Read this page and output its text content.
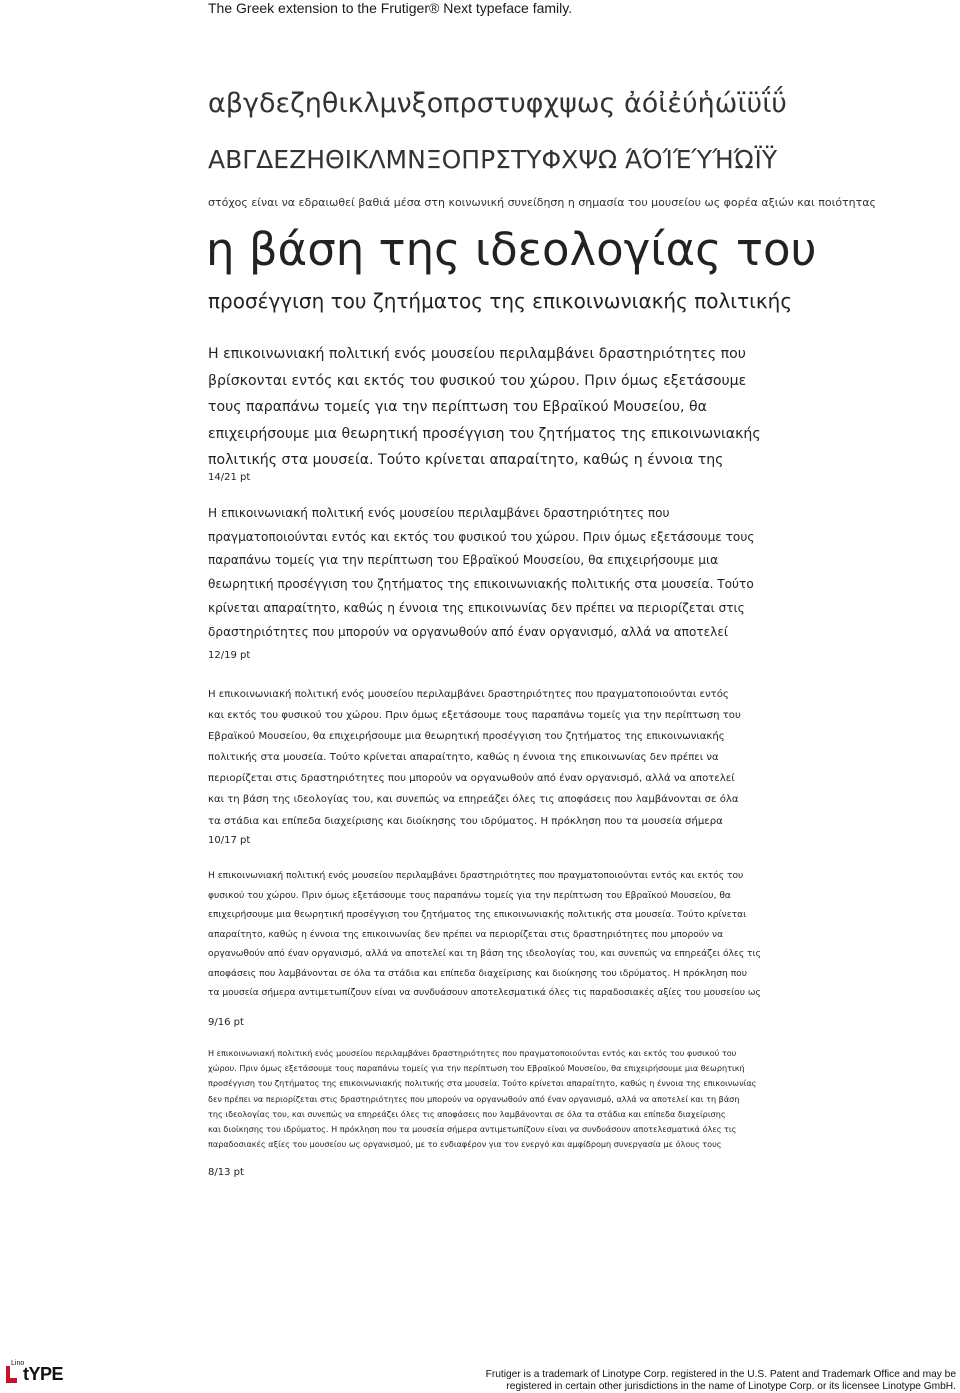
The Greek extension to the Frutiger® Next typeface family.
αβγδεζηθικλμνξοπρστυφχψως ἀόἰἐύἡώϊϋΐΰ
ΑΒΓΔΕΖΗΘΙΚΛΜΝΞΟΠΡΣΤΥΦΧΨΩ ΆΌΊΈΎΉΏΪΫ
στόχος είναι να εδραιωθεί βαθιά μέσα στη κοινωνική συνείδηση η σημασία του μουσείου ως φορέα αξιών και ποιότητας
η βάση της ιδεολογίας του
προσέγγιση του ζητήματος της επικοινωνιακής πολιτικής
Η επικοινωνιακή πολιτική ενός μουσείου περιλαμβάνει δραστηριότητες που
βρίσκονται εντός και εκτός του φυσικού του χώρου. Πριν όμως εξετάσουμε
τους παραπάνω τομείς για την περίπτωση του Εβραϊκού Μουσείου, θα
επιχειρήσουμε μια θεωρητική προσέγγιση του ζητήματος της επικοινωνιακής
πολιτικής στα μουσεία. Τούτο κρίνεται απαραίτητο, καθώς η έννοια της
14/21 pt
Η επικοινωνιακή πολιτική ενός μουσείου περιλαμβάνει δραστηριότητες που
πραγματοποιούνται εντός και εκτός του φυσικού του χώρου. Πριν όμως εξετάσουμε τους
παραπάνω τομείς για την περίπτωση του Εβραϊκού Μουσείου, θα επιχειρήσουμε μια
θεωρητική προσέγγιση του ζητήματος της επικοινωνιακής πολιτικής στα μουσεία. Τούτο
κρίνεται απαραίτητο, καθώς η έννοια της επικοινωνίας δεν πρέπει να περιορίζεται στις
δραστηριότητες που μπορούν να οργανωθούν από έναν οργανισμό, αλλά να αποτελεί
12/19 pt
Η επικοινωνιακή πολιτική ενός μουσείου περιλαμβάνει δραστηριότητες που πραγματοποιούνται εντός
και εκτός του φυσικού του χώρου. Πριν όμως εξετάσουμε τους παραπάνω τομείς για την περίπτωση του
Εβραϊκού Μουσείου, θα επιχειρήσουμε μια θεωρητική προσέγγιση του ζητήματος της επικοινωνιακής
πολιτικής στα μουσεία. Τούτο κρίνεται απαραίτητο, καθώς η έννοια της επικοινωνίας δεν πρέπει να
περιορίζεται στις δραστηριότητες που μπορούν να οργανωθούν από έναν οργανισμό, αλλά να αποτελεί
και τη βάση της ιδεολογίας του, και συνεπώς να επηρεάζει όλες τις αποφάσεις που λαμβάνονται σε όλα
τα στάδια και επίπεδα διαχείρισης και διοίκησης του ιδρύματος. Η πρόκληση που τα μουσεία σήμερα
10/17 pt
Η επικοινωνιακή πολιτική ενός μουσείου περιλαμβάνει δραστηριότητες που πραγματοποιούνται εντός και εκτός του
φυσικού του χώρου. Πριν όμως εξετάσουμε τους παραπάνω τομείς για την περίπτωση του Εβραϊκού Μουσείου, θα
επιχειρήσουμε μια θεωρητική προσέγγιση του ζητήματος της επικοινωνιακής πολιτικής στα μουσεία. Τούτο κρίνεται
απαραίτητο, καθώς η έννοια της επικοινωνίας δεν πρέπει να περιορίζεται στις δραστηριότητες που μπορούν να
οργανωθούν από έναν οργανισμό, αλλά να αποτελεί και τη βάση της ιδεολογίας του, και συνεπώς να επηρεάζει όλες τις
αποφάσεις που λαμβάνονται σε όλα τα στάδια και επίπεδα διαχείρισης και διοίκησης του ιδρύματος. Η πρόκληση που
τα μουσεία σήμερα αντιμετωπίζουν είναι να συνδυάσουν αποτελεσματικά όλες τις παραδοσιακές αξίες του μουσείου ως
9/16 pt
Η επικοινωνιακή πολιτική ενός μουσείου περιλαμβάνει δραστηριότητες που πραγματοποιούνται εντός και εκτός του φυσικού του
χώρου. Πριν όμως εξετάσουμε τους παραπάνω τομείς για την περίπτωση του Εβραϊκού Μουσείου, θα επιχειρήσουμε μια θεωρητική
προσέγγιση του ζητήματος της επικοινωνιακής πολιτικής στα μουσεία. Τούτο κρίνεται απαραίτητο, καθώς η έννοια της επικοινωνίας
δεν πρέπει να περιορίζεται στις δραστηριότητες που μπορούν να οργανωθούν από έναν οργανισμό, αλλά να αποτελεί και τη βάση
της ιδεολογίας του, και συνεπώς να επηρεάζει όλες τις αποφάσεις που λαμβάνονται σε όλα τα στάδια και επίπεδα διαχείρισης
και διοίκησης του ιδρύματος. Η πρόκληση που τα μουσεία σήμερα αντιμετωπίζουν είναι να συνδυάσουν αποτελεσματικά όλες τις
παραδοσιακές αξίες του μουσείου ως οργανισμού, με το ενδιαφέρον για τον ενεργό και αμφίδρομη συνεργασία με όλους τους
8/13 pt
Lino
tYPE	Frutiger is a trademark of Linotype Corp. registered in the U.S. Patent and Trademark Office and may be
registered in certain other jurisdictions in the name of Linotype Corp. or its licensee Linotype GmbH.
